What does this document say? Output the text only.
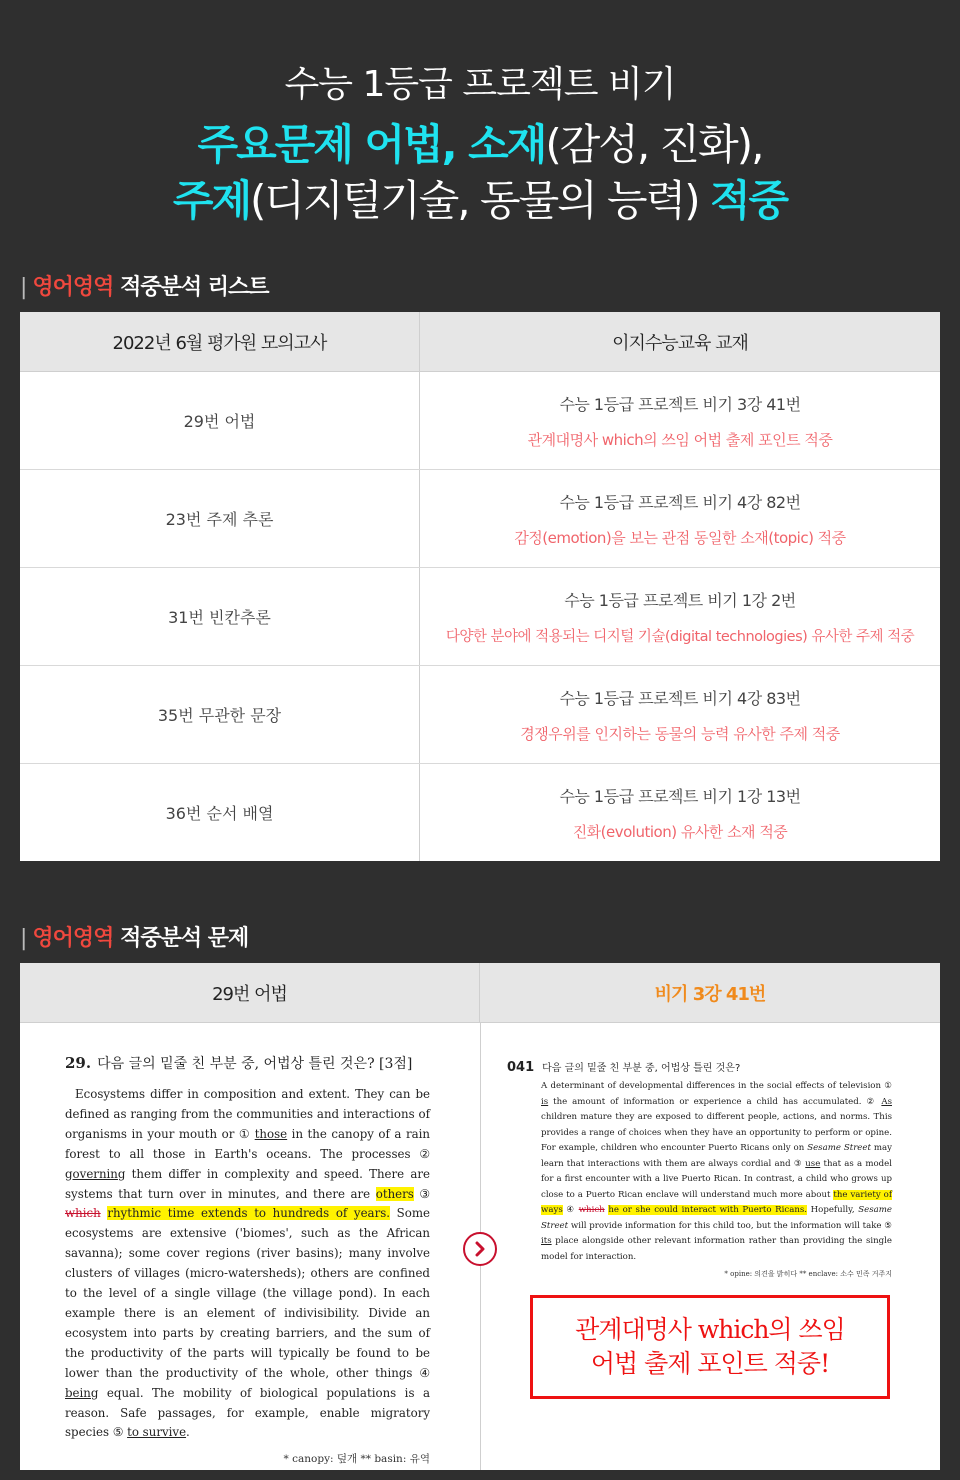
수능 1등급 프로젝트 비기
주요문제 어법, 소재(감성, 진화),
주제(디지털기술, 동물의 능력) 적중
| 영어영역 적중분석 리스트
2022년 6월 평가원 모의고사	이지수능교육 교재
29번 어법
수능 1등급 프로젝트 비기 3강 41번
관계대명사 which의 쓰임 어법 출제 포인트 적중
23번 주제 추론
수능 1등급 프로젝트 비기 4강 82번
감정(emotion)을 보는 관점 동일한 소재(topic) 적중
31번 빈칸추론
수능 1등급 프로젝트 비기 1강 2번
다양한 분야에 적용되는 디지털 기술(digital technologies) 유사한 주제 적중
35번 무관한 문장
수능 1등급 프로젝트 비기 4강 83번
경쟁우위를 인지하는 동물의 능력 유사한 주제 적중
36번 순서 배열
수능 1등급 프로젝트 비기 1강 13번
진화(evolution) 유사한 소재 적중
| 영어영역 적중분석 문제
29번 어법	비기 3강 41번
29. 다음 글의 밑줄 친 부분 중, 어법상 틀린 것은? [3점]

Ecosystems differ in composition and extent. They can be defined as ranging from the communities and interactions of organisms in your mouth or ① those in the canopy of a rain forest to all those in Earth's oceans. The processes ② governing them differ in complexity and speed. There are systems that turn over in minutes, and there are others ③ which rhythmic time extends to hundreds of years. Some ecosystems are extensive ('biomes', such as the African savanna); some cover regions (river basins); many involve clusters of villages (micro-watersheds); others are confined to the level of a single village (the village pond). In each example there is an element of indivisibility. Divide an ecosystem into parts by creating barriers, and the sum of the productivity of the parts will typically be found to be lower than the productivity of the whole, other things ④ being equal. The mobility of biological populations is a reason. Safe passages, for example, enable migratory species ⑤ to survive.

* canopy: 덮개 ** basin: 유역
041 다음 글의 밑줄 친 부분 중, 어법상 틀린 것은?

A determinant of developmental differences in the social effects of television ① is the amount of information or experience a child has accumulated. ② As children mature they are exposed to different people, actions, and norms. This provides a range of choices when they have an opportunity to perform or opine. For example, children who encounter Puerto Ricans only on Sesame Street may learn that interactions with them are always cordial and ③ use that as a model for a first encounter with a live Puerto Rican. In contrast, a child who grows up close to a Puerto Rican enclave will understand much more about the variety of ways ④ which he or she could interact with Puerto Ricans. Hopefully, Sesame Street will provide information for this child too, but the information will take ⑤ its place alongside other relevant information rather than providing the single model for interaction.

* opine: 의견을 밝히다 ** enclave: 소수 민족 거주지
관계대명사 which의 쓰임
어법 출제 포인트 적중!
